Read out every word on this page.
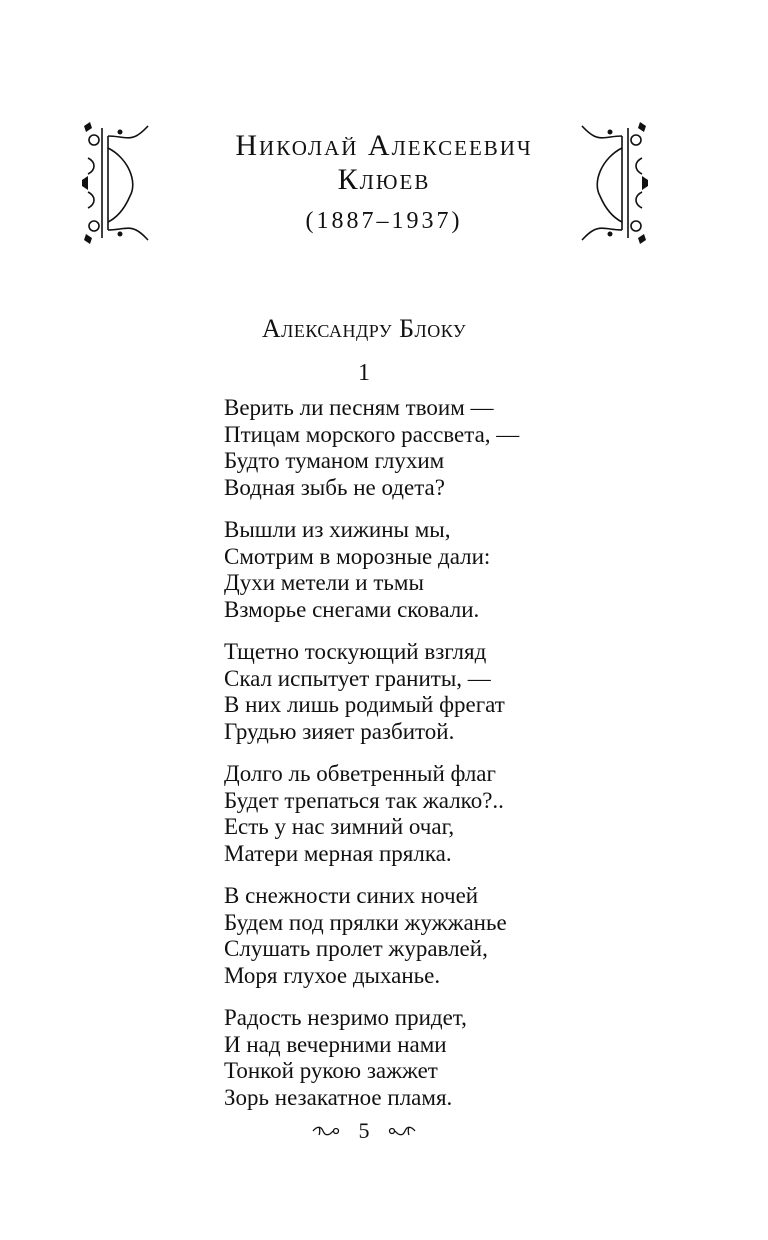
Николай Алексеевич
Клюев
(1887–1937)
Александру Блоку
1
Верить ли песням твоим —
Птицам морского рассвета, —
Будто туманом глухим
Водная зыбь не одета?
Вышли из хижины мы,
Смотрим в морозные дали:
Духи метели и тьмы
Взморье снегами сковали.
Тщетно тоскующий взгляд
Скал испытует граниты, —
В них лишь родимый фрегат
Грудью зияет разбитой.
Долго ль обветренный флаг
Будет трепаться так жалко?..
Есть у нас зимний очаг,
Матери мерная прялка.
В снежности синих ночей
Будем под прялки жужжанье
Слушать пролет журавлей,
Моря глухое дыханье.
Радость незримо придет,
И над вечерними нами
Тонкой рукою зажжет
Зорь незакатное пламя.
5
